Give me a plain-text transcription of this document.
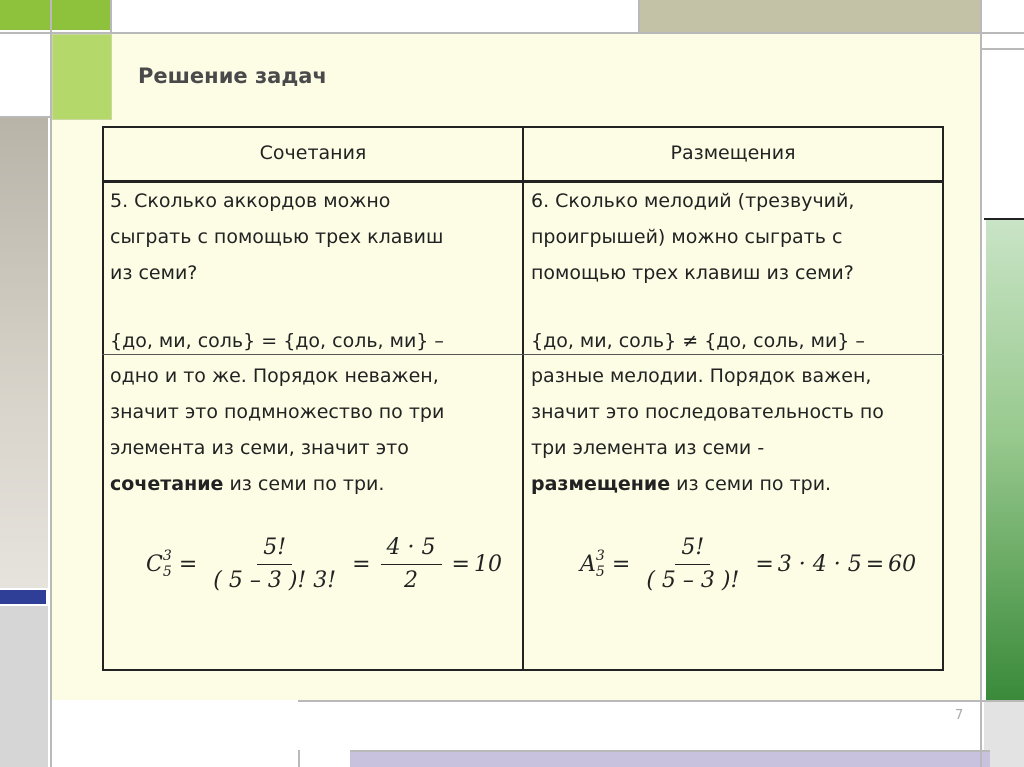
Решение задач
Сочетания	Размещения
5. Сколько аккордов можно
сыграть с помощью трех клавиш
из семи?
{до, ми, соль} = {до, соль, ми} –
одно и то же. Порядок неважен,
значит это подмножество по три
элемента из семи, значит это
сочетание из семи по три.
C 3
$5 = \frac{5!}{( 5 - 3 )! 3!} = \frac{4 \cdot 5}{2} = 10$
6. Сколько мелодий (трезвучий,
проигрышей) можно сыграть с
помощью трех клавиш из семи?
{до, ми, соль} ≠ {до, соль, ми} –
разные мелодии. Порядок важен,
значит это последовательность по
три элемента из семи -
размещение из семи по три.
A 3
$5 = \frac{5!}{( 5 - 3 )!} = 3 \cdot 4 \cdot 5 = 60$
7
